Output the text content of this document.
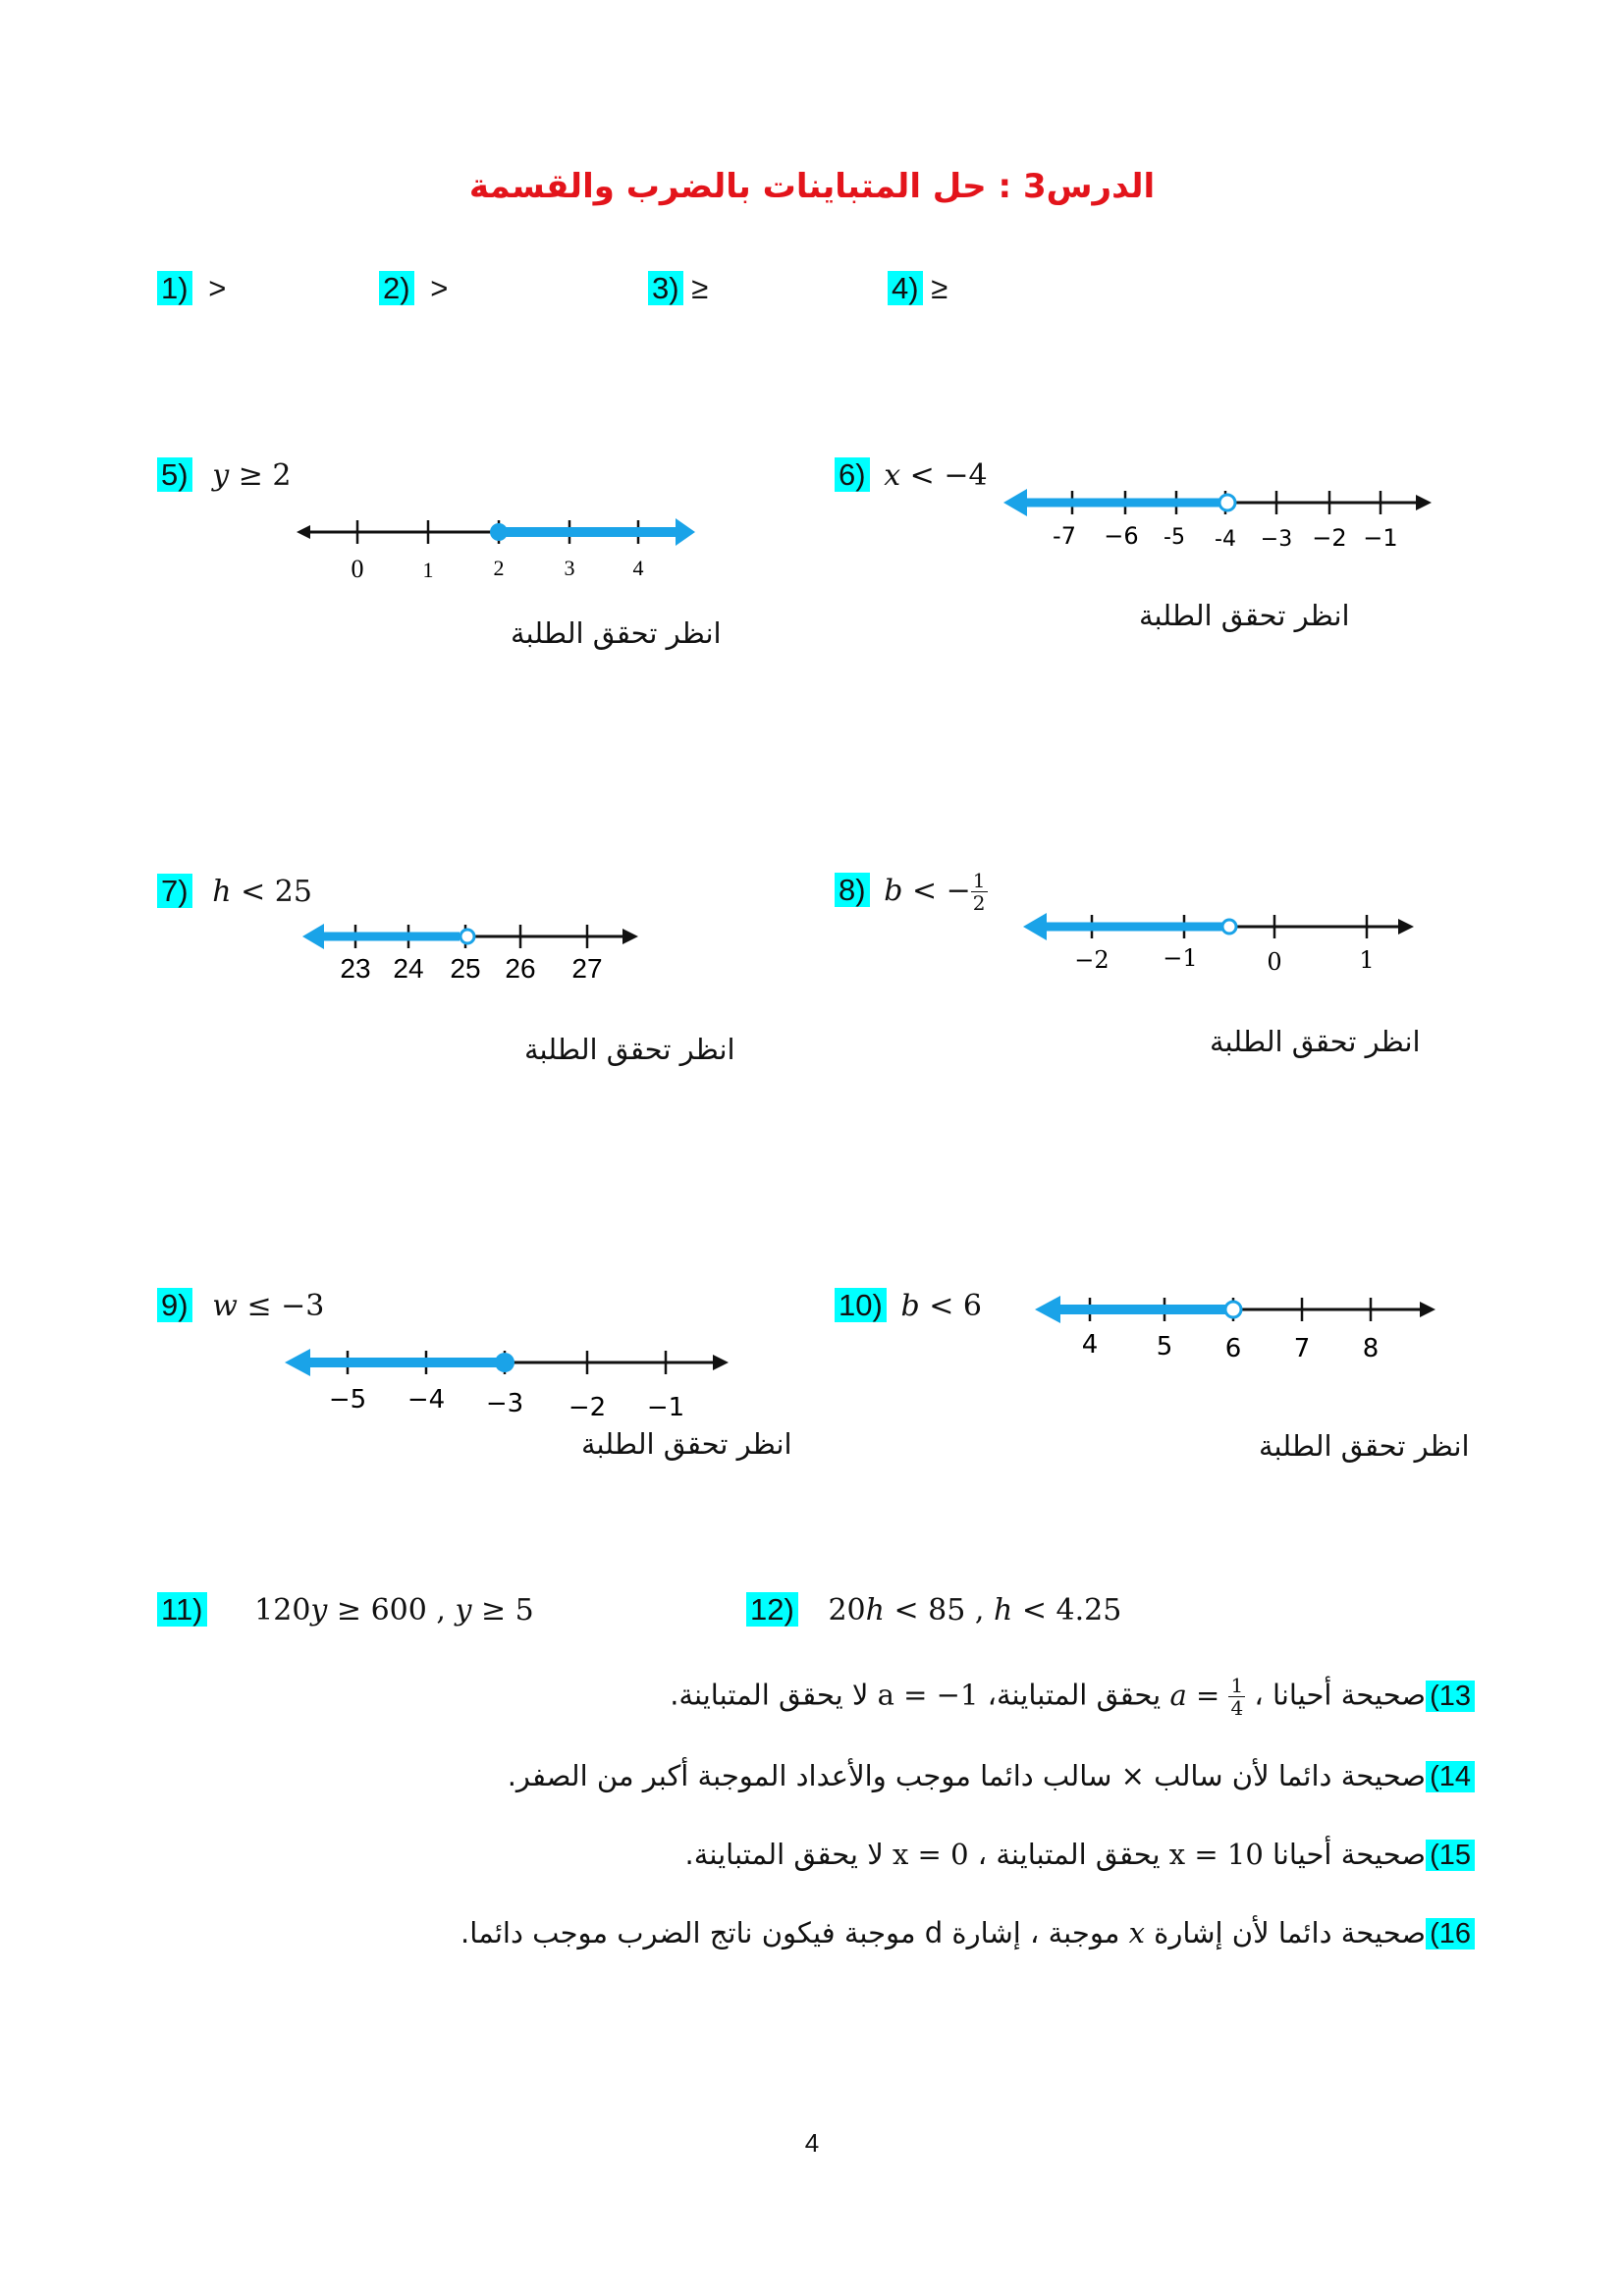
الدرس3 : حل المتباينات بالضرب والقسمة
1) >	2) >	3) ≥	4) ≥
5) y ≥ 2
0	1	2	3	4
انظر تحقق الطلبة
6) x < −4
-7 −6 -5 -4 −3 −2 −1
انظر تحقق الطلبة
7) h < 25
23 24 25 26 27
انظر تحقق الطلبة
8) b < − $\frac{1}{2}$
−2 −1	0	1
انظر تحقق الطلبة
9) w ≤ −3
−5 −4 −3 −2 −1
انظر تحقق الطلبة
10) b < 6
4 5 6 7 8
انظر تحقق الطلبة
11) 120y ≥ 600 , y ≥ 5	12) 20h < 85 , h < 4.25
13)صحيحة أحيانا ، $a = \frac{1}{4}$
يحقق المتباينة، a = −1 لا يحقق المتباينة.
14)صحيحة دائما لأن سالب × سالب دائما موجب والأعداد الموجبة أكبر من الصفر.
15)صحيحة أحيانا x = 10 يحقق المتباينة ، x = 0 لا يحقق المتباينة.
16)صحيحة دائما لأن إشارة x موجبة ، إشارة d موجبة فيكون ناتج الضرب موجب دائما.
4
